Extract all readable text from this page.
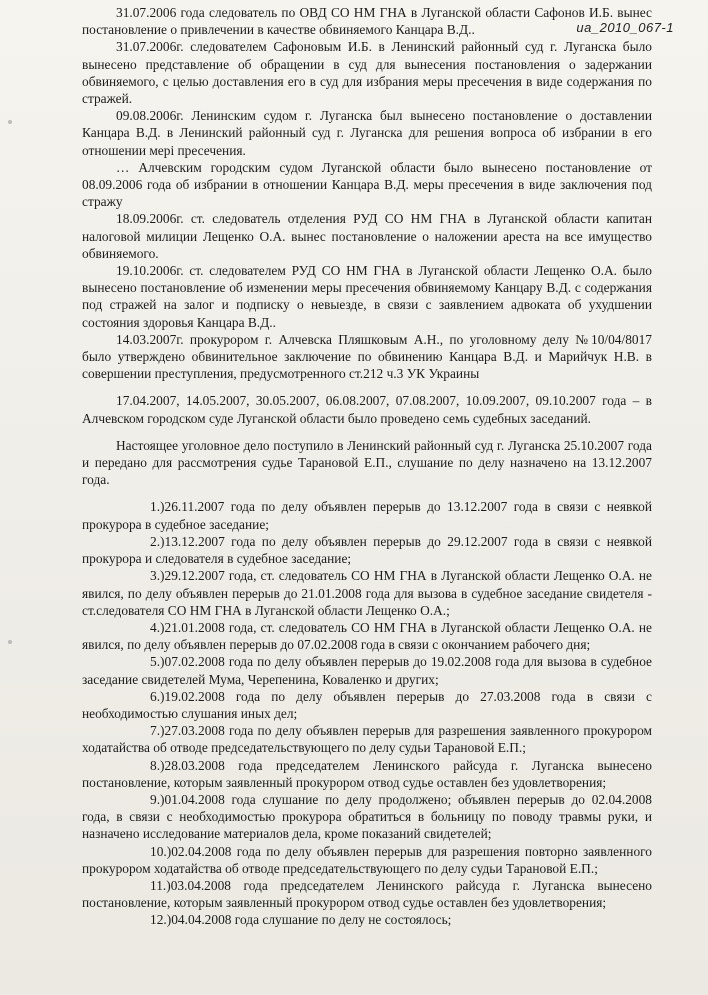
ua_2010_067-1

31.07.2006 года следователь по ОВД СО НМ ГНА в Луганской области Сафонов И.Б. вынес постановление о привлечении в качестве обвиняемого Канцара В.Д..

31.07.2006г. следователем Сафоновым И.Б. в Ленинский районный суд г. Луганска было вынесено представление об обращении в суд для вынесения постановления о задержании обвиняемого, с целью доставления его в суд для избрания меры пресечения в виде содержания по стражей.

09.08.2006г. Ленинским судом г. Луганска был вынесено постановление о доставлении Канцара В.Д. в Ленинский районный суд г. Луганска для решения вопроса об избрании в его отношении мері пресечения.

… Алчевским городским судом Луганской области было вынесено постановление от 08.09.2006 года об избрании в отношении Канцара В.Д. меры пресечения в виде заключения под стражу

18.09.2006г. ст. следователь отделения РУД СО НМ ГНА в Луганской области капитан налоговой милиции Лещенко О.А. вынес постановление о наложении ареста на все имущество обвиняемого.

19.10.2006г. ст. следователем РУД СО НМ ГНА в Луганской области Лещенко О.А. было вынесено постановление об изменении меры пресечения обвиняемому Канцару В.Д. с содержания под стражей на залог и подписку о невыезде, в связи с заявлением адвоката об ухудшении состояния здоровья Канцара В.Д..

14.03.2007г. прокурором г. Алчевска Пляшковым А.Н., по уголовному делу №10/04/8017 было утверждено обвинительное заключение по обвинению Канцара В.Д. и Марийчук Н.В. в совершении преступления, предусмотренного ст.212 ч.3 УК Украины

17.04.2007, 14.05.2007, 30.05.2007, 06.08.2007, 07.08.2007, 10.09.2007, 09.10.2007 года – в Алчевском городском суде Луганской области было проведено семь судебных заседаний.

Настоящее уголовное дело поступило в Ленинский районный суд г. Луганска 25.10.2007 года и передано для рассмотрения судье Тарановой Е.П., слушание по делу назначено на 13.12.2007 года.

1.)26.11.2007 года по делу объявлен перерыв до 13.12.2007 года в связи с неявкой прокурора в судебное заседание;

2.)13.12.2007 года по делу объявлен перерыв до 29.12.2007 года в связи с неявкой прокурора и следователя в судебное заседание;

3.)29.12.2007 года, ст. следователь СО НМ ГНА в Луганской области Лещенко О.А. не явился, по делу объявлен перерыв до 21.01.2008 года для вызова в судебное заседание свидетеля - ст.следователя СО НМ ГНА в Луганской области Лещенко О.А.;

4.)21.01.2008 года, ст. следователь СО НМ ГНА в Луганской области Лещенко О.А. не явился, по делу объявлен перерыв до 07.02.2008 года в связи с окончанием рабочего дня;

5.)07.02.2008 года по делу объявлен перерыв до 19.02.2008 года для вызова в судебное заседание свидетелей Мума, Черепенина, Коваленко и других;

6.)19.02.2008 года по делу объявлен перерыв до 27.03.2008 года в связи с необходимостью слушания иных дел;

7.)27.03.2008 года по делу объявлен перерыв для разрешения заявленного прокурором ходатайства об отводе председательствующего по делу судьи Тарановой Е.П.;

8.)28.03.2008 года председателем Ленинского райсуда г. Луганска вынесено постановление, которым заявленный прокурором отвод судье оставлен без удовлетворения;

9.)01.04.2008 года слушание по делу продолжено; объявлен перерыв до 02.04.2008 года, в связи с необходимостью прокурора обратиться в больницу по поводу травмы руки, и назначено исследование материалов дела, кроме показаний свидетелей;

10.)02.04.2008 года по делу объявлен перерыв для разрешения повторно заявленного прокурором ходатайства об отводе председательствующего по делу судьи Тарановой Е.П.;

11.)03.04.2008 года председателем Ленинского райсуда г. Луганска вынесено постановление, которым заявленный прокурором отвод судье оставлен без удовлетворения;

12.)04.04.2008 года слушание по делу не состоялось;
